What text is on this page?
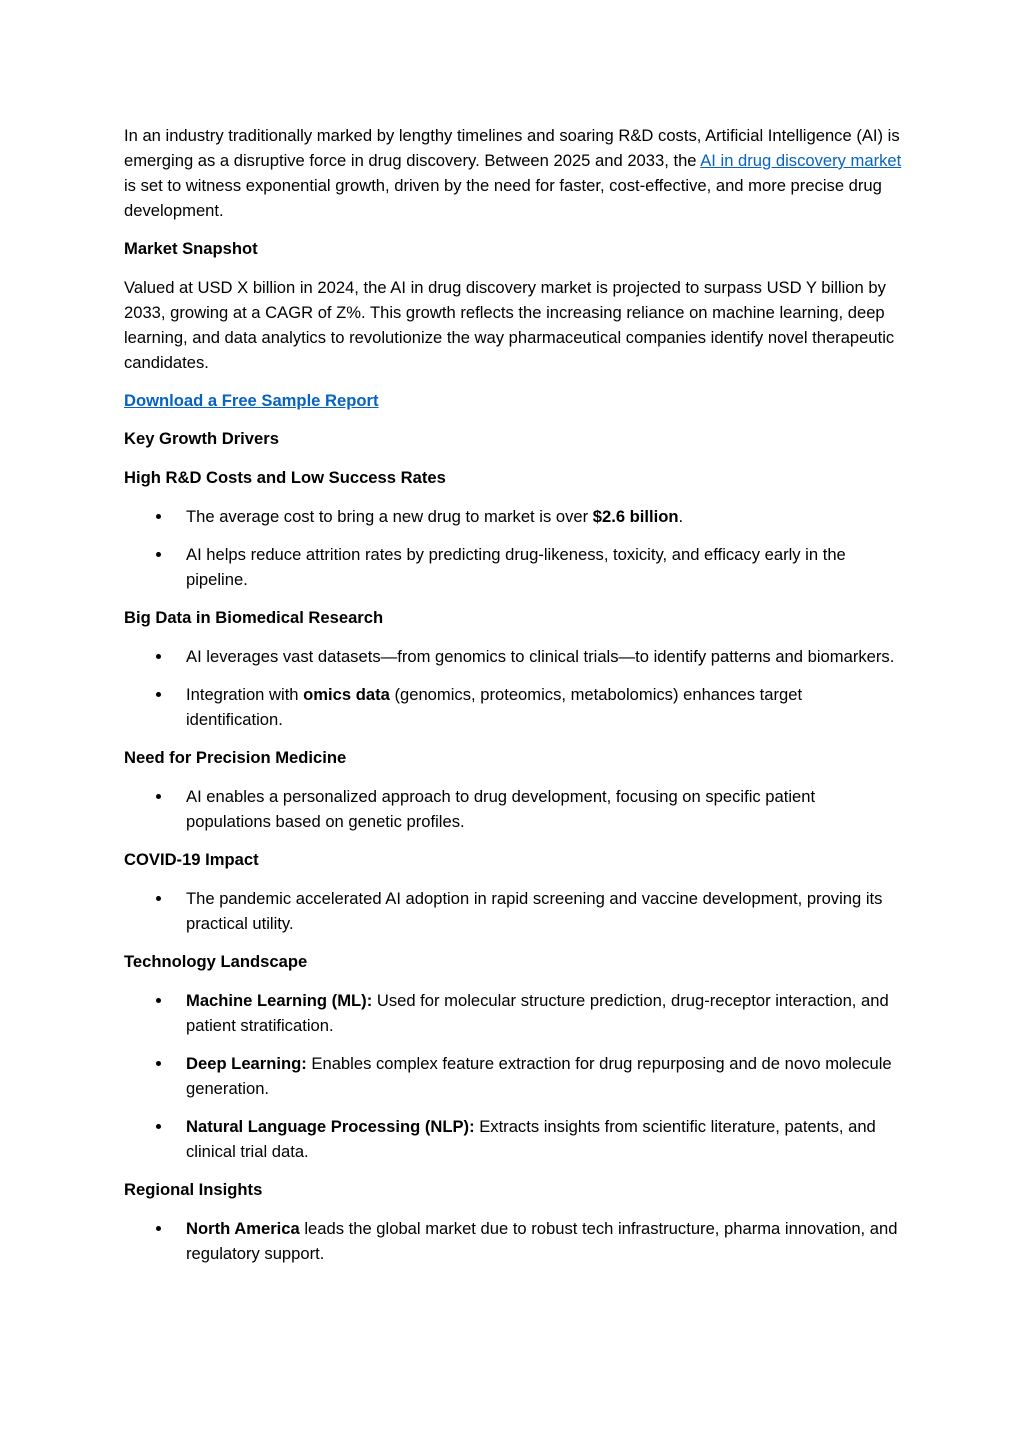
In an industry traditionally marked by lengthy timelines and soaring R&D costs, Artificial Intelligence (AI) is emerging as a disruptive force in drug discovery. Between 2025 and 2033, the AI in drug discovery market is set to witness exponential growth, driven by the need for faster, cost-effective, and more precise drug development.

Market Snapshot

Valued at USD X billion in 2024, the AI in drug discovery market is projected to surpass USD Y billion by 2033, growing at a CAGR of Z%. This growth reflects the increasing reliance on machine learning, deep learning, and data analytics to revolutionize the way pharmaceutical companies identify novel therapeutic candidates.

Download a Free Sample Report

Key Growth Drivers

High R&D Costs and Low Success Rates

The average cost to bring a new drug to market is over $2.6 billion.
AI helps reduce attrition rates by predicting drug-likeness, toxicity, and efficacy early in the pipeline.

Big Data in Biomedical Research

AI leverages vast datasets—from genomics to clinical trials—to identify patterns and biomarkers.
Integration with omics data (genomics, proteomics, metabolomics) enhances target identification.

Need for Precision Medicine

AI enables a personalized approach to drug development, focusing on specific patient populations based on genetic profiles.

COVID-19 Impact

The pandemic accelerated AI adoption in rapid screening and vaccine development, proving its practical utility.

Technology Landscape

Machine Learning (ML): Used for molecular structure prediction, drug-receptor interaction, and patient stratification.
Deep Learning: Enables complex feature extraction for drug repurposing and de novo molecule generation.
Natural Language Processing (NLP): Extracts insights from scientific literature, patents, and clinical trial data.

Regional Insights

North America leads the global market due to robust tech infrastructure, pharma innovation, and regulatory support.
